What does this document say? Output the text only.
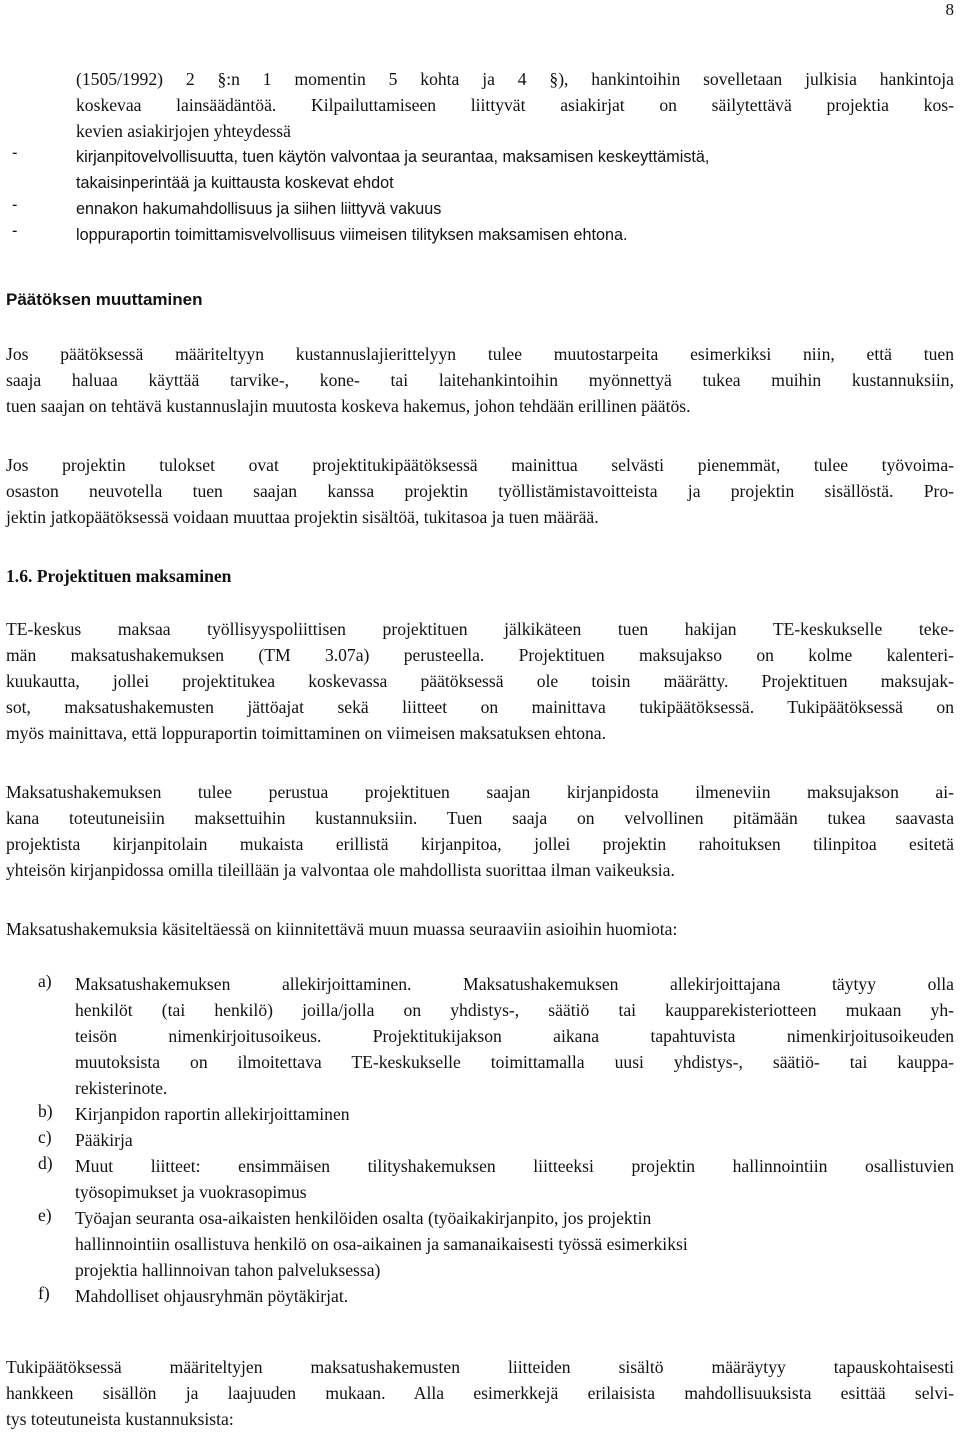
8
(1505/1992) 2 §:n 1 momentin 5 kohta ja 4 §), hankintoihin sovelletaan julkisia hankintoja
koskevaa lainsäädäntöä. Kilpailuttamiseen liittyvät asiakirjat on säilytettävä projektia kos-
kevien asiakirjojen yhteydessä
-	kirjanpitovelvollisuutta, tuen käytön valvontaa ja seurantaa, maksamisen keskeyttämistä,
takaisinperintää ja kuittausta koskevat ehdot
-	ennakon hakumahdollisuus ja siihen liittyvä vakuus
-	loppuraportin toimittamisvelvollisuus viimeisen tilityksen maksamisen ehtona.
Päätöksen muuttaminen
Jos päätöksessä määriteltyyn kustannuslajierittelyyn tulee muutostarpeita esimerkiksi niin, että tuen
saaja haluaa käyttää tarvike-, kone- tai laitehankintoihin myönnettyä tukea muihin kustannuksiin,
tuen saajan on tehtävä kustannuslajin muutosta koskeva hakemus, johon tehdään erillinen päätös.
Jos projektin tulokset ovat projektitukipäätöksessä mainittua selvästi pienemmät, tulee työvoima-
osaston neuvotella tuen saajan kanssa projektin työllistämistavoitteista ja projektin sisällöstä. Pro-
jektin jatkopäätöksessä voidaan muuttaa projektin sisältöä, tukitasoa ja tuen määrää.
1.6. Projektituen maksaminen
TE-keskus maksaa työllisyyspoliittisen projektituen jälkikäteen tuen hakijan TE-keskukselle teke-
män maksatushakemuksen (TM 3.07a) perusteella. Projektituen maksujakso on kolme kalenteri-
kuukautta, jollei projektitukea koskevassa päätöksessä ole toisin määrätty. Projektituen maksujak-
sot, maksatushakemusten jättöajat sekä liitteet on mainittava tukipäätöksessä. Tukipäätöksessä on
myös mainittava, että loppuraportin toimittaminen on viimeisen maksatuksen ehtona.
Maksatushakemuksen tulee perustua projektituen saajan kirjanpidosta ilmeneviin maksujakson ai-
kana toteutuneisiin maksettuihin kustannuksiin. Tuen saaja on velvollinen pitämään tukea saavasta
projektista kirjanpitolain mukaista erillistä kirjanpitoa, jollei projektin rahoituksen tilinpitoa esitetä
yhteisön kirjanpidossa omilla tileillään ja valvontaa ole mahdollista suorittaa ilman vaikeuksia.
Maksatushakemuksia käsiteltäessä on kiinnitettävä muun muassa seuraaviin asioihin huomiota:
a) Maksatushakemuksen allekirjoittaminen. Maksatushakemuksen allekirjoittajana täytyy olla
henkilöt (tai henkilö) joilla/jolla on yhdistys-, säätiö tai kaupparekisteriotteen mukaan yh-
teisön nimenkirjoitusoikeus. Projektitukijakson aikana tapahtuvista nimenkirjoitusoikeuden
muutoksista on ilmoitettava TE-keskukselle toimittamalla uusi yhdistys-, säätiö- tai kauppa-
rekisterinote.
b) Kirjanpidon raportin allekirjoittaminen
c) Pääkirja
d) Muut liitteet: ensimmäisen tilityshakemuksen liitteeksi projektin hallinnointiin osallistuvien
työsopimukset ja vuokrasopimus
e) Työajan seuranta osa-aikaisten henkilöiden osalta (työaikakirjanpito, jos projektin
hallinnointiin osallistuva henkilö on osa-aikainen ja samanaikaisesti työssä esimerkiksi
projektia hallinnoivan tahon palveluksessa)
f) Mahdolliset ohjausryhmän pöytäkirjat.
Tukipäätöksessä määriteltyjen maksatushakemusten liitteiden sisältö määräytyy tapauskohtaisesti
hankkeen sisällön ja laajuuden mukaan. Alla esimerkkejä erilaisista mahdollisuuksista esittää selvi-
tys toteutuneista kustannuksista:
